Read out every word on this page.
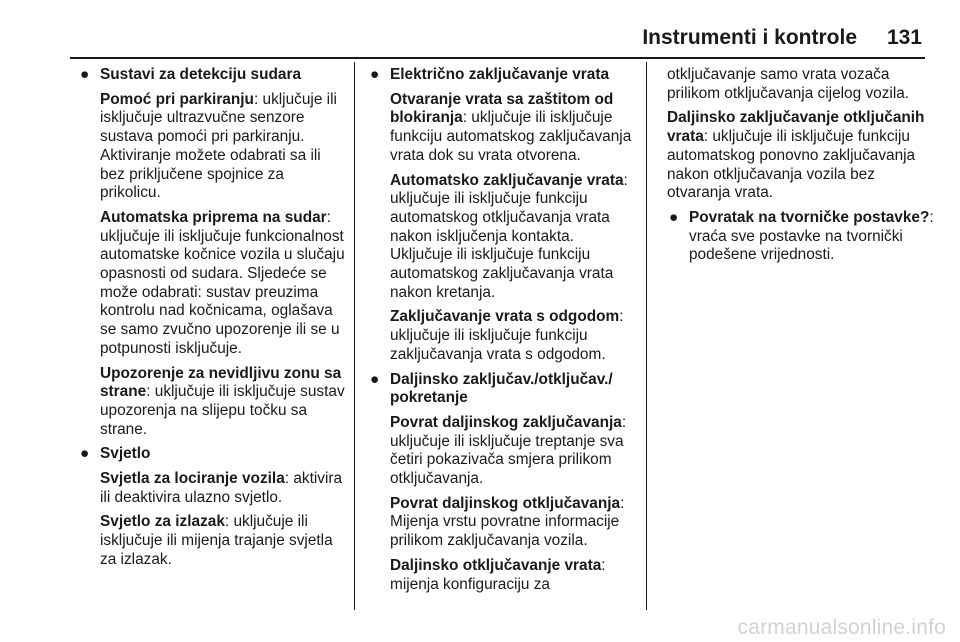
Instrumenti i kontrole 131
● Sustavi za detekciju sudara
Pomoć pri parkiranju: uključuje ili isključuje ultrazvučne senzore sustava pomoći pri parkiranju. Aktiviranje možete odabrati sa ili bez priključene spojnice za prikolicu.
Automatska priprema na sudar: uključuje ili isključuje funkcionalnost automatske kočnice vozila u slučaju opasnosti od sudara. Sljedeće se može odabrati: sustav preuzima kontrolu nad kočnicama, oglašava se samo zvučno upozorenje ili se u potpunosti isključuje.
Upozorenje za nevidljivu zonu sa strane: uključuje ili isključuje sustav upozorenja na slijepu točku sa strane.
● Svjetlo
Svjetla za lociranje vozila: aktivira ili deaktivira ulazno svjetlo.
Svjetlo za izlazak: uključuje ili isključuje ili mijenja trajanje svjetla za izlazak.
● Električno zaključavanje vrata
Otvaranje vrata sa zaštitom od blokiranja: uključuje ili isključuje funkciju automatskog zaključavanja vrata dok su vrata otvorena.
Automatsko zaključavanje vrata: uključuje ili isključuje funkciju automatskog otključavanja vrata nakon isključenja kontakta. Uključuje ili isključuje funkciju automatskog zaključavanja vrata nakon kretanja.
Zaključavanje vrata s odgodom: uključuje ili isključuje funkciju zaključavanja vrata s odgodom.
● Daljinsko zaključav./otključav./ pokretanje
Povrat daljinskog zaključavanja: uključuje ili isključuje treptanje sva četiri pokazivača smjera prilikom otključavanja.
Povrat daljinskog otključavanja: Mijenja vrstu povratne informacije prilikom zaključavanja vozila.
Daljinsko otključavanje vrata: mijenja konfiguraciju za
otključavanje samo vrata vozača prilikom otključavanja cijelog vozila.
Daljinsko zaključavanje otključanih vrata: uključuje ili isključuje funkciju automatskog ponovno zaključavanja nakon otključavanja vozila bez otvaranja vrata.
● Povratak na tvorničke postavke?: vraća sve postavke na tvornički podešene vrijednosti.
carmanualsonline.info
